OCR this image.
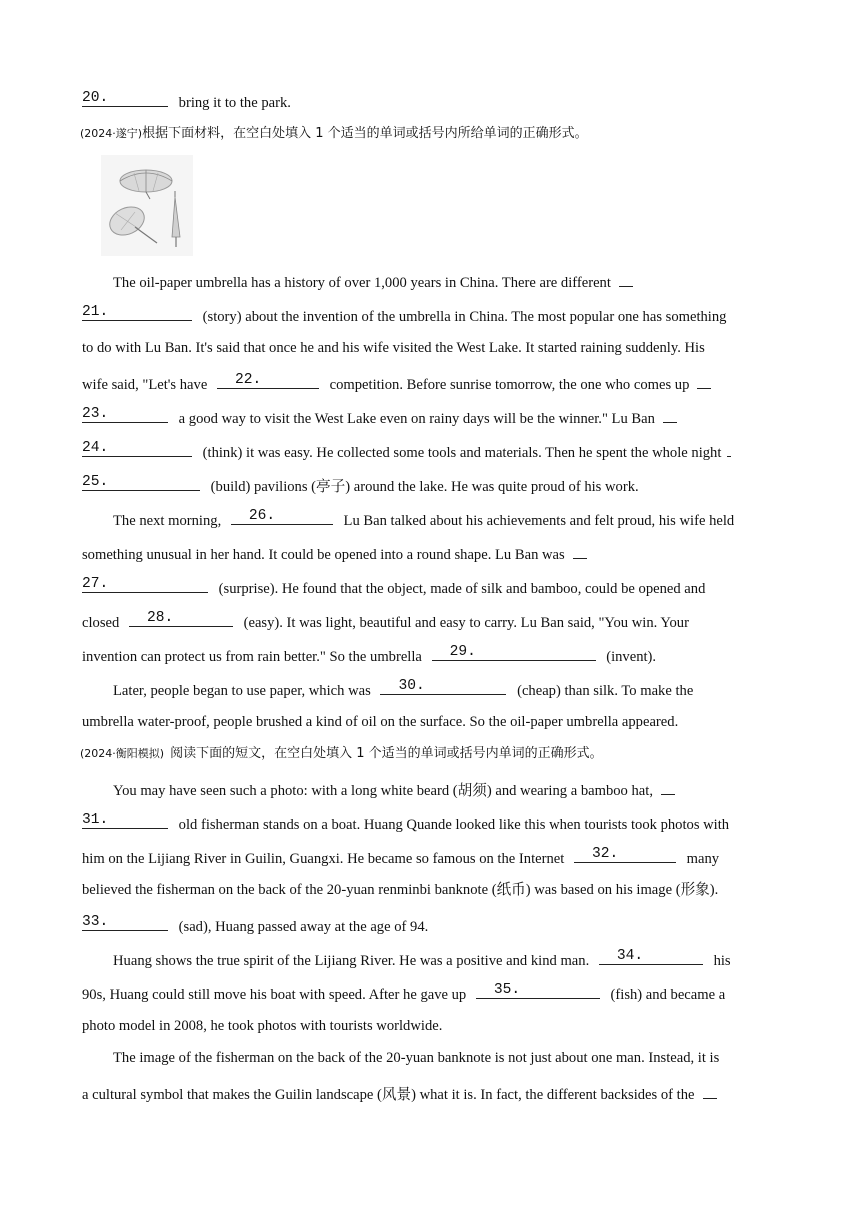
20.	bring it to the park.
(2024·遂宁)根据下面材料，在空白处填入 1 个适当的单词或括号内所给单词的正确形式。
The oil-paper umbrella has a history of over 1,000 years in China. There are different
21.	(story) about the invention of the umbrella in China. The most popular one has something
to do with Lu Ban. It's said that once he and his wife visited the West Lake. It started raining suddenly. His
wife said, "Let's have 22.	competition. Before sunrise tomorrow, the one who comes up
23.	a good way to visit the West Lake even on rainy days will be the winner." Lu Ban
24.	(think) it was easy. He collected some tools and materials. Then he spent the whole night
25.	(build) pavilions (亭子) around the lake. He was quite proud of his work.
The next morning, 26.	Lu Ban talked about his achievements and felt proud, his wife held
something unusual in her hand. It could be opened into a round shape. Lu Ban was
27.	(surprise). He found that the object, made of silk and bamboo, could be opened and
closed 28.	(easy). It was light, beautiful and easy to carry. Lu Ban said, "You win. Your
invention can protect us from rain better." So the umbrella 29.	(invent).
Later, people began to use paper, which was 30.	(cheap) than silk. To make the
umbrella water-proof, people brushed a kind of oil on the surface. So the oil-paper umbrella appeared.
(2024·衡阳模拟) 阅读下面的短文，在空白处填入 1 个适当的单词或括号内单词的正确形式。
You may have seen such a photo: with a long white beard (胡须) and wearing a bamboo hat,
31.	old fisherman stands on a boat. Huang Quande looked like this when tourists took photos with
him on the Lijiang River in Guilin, Guangxi. He became so famous on the Internet 32.	many
believed the fisherman on the back of the 20-yuan renminbi banknote (纸币) was based on his image (形象).
33.	(sad), Huang passed away at the age of 94.
Huang shows the true spirit of the Lijiang River. He was a positive and kind man. 34.	his
90s, Huang could still move his boat with speed. After he gave up 35.	(fish) and became a
photo model in 2008, he took photos with tourists worldwide.
The image of the fisherman on the back of the 20-yuan banknote is not just about one man. Instead, it is
a cultural symbol that makes the Guilin landscape (风景) what it is. In fact, the different backsides of the
